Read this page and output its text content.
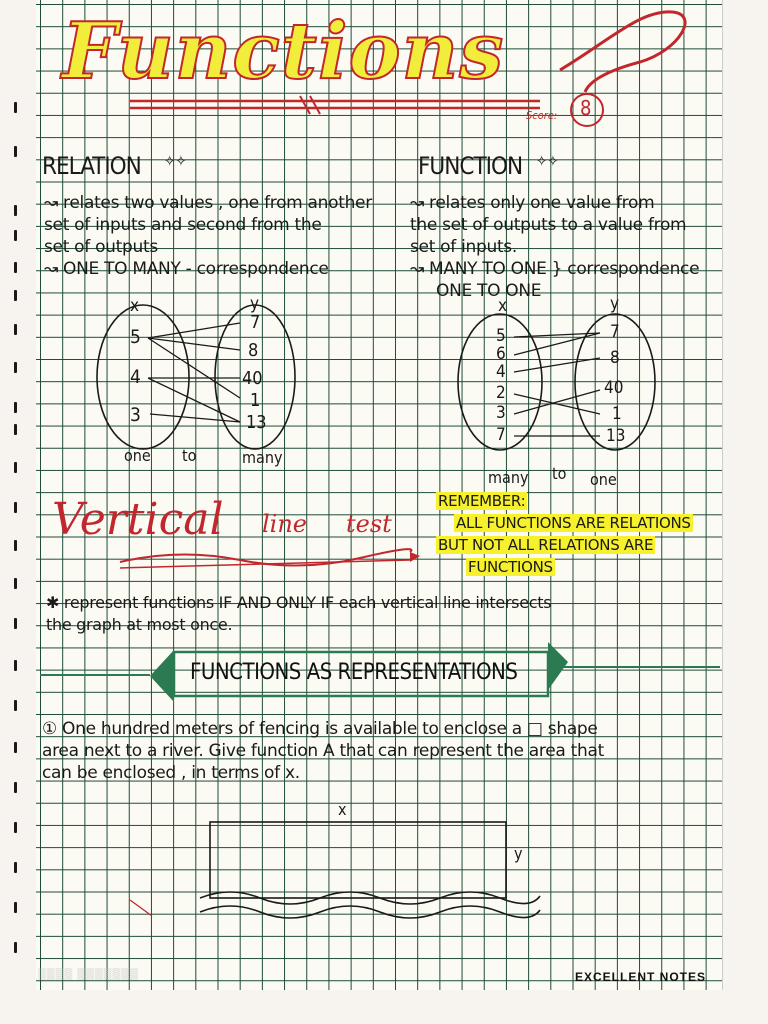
Functions
Score: 8
RELATION ✧✧
↝ relates two values , one from another
set of inputs and second from the
set of outputs
↝ ONE TO MANY - correspondence
FUNCTION ✧✧
↝ relates only one value from
the set of outputs to a value from
set of inputs.
↝ MANY TO ONE } correspondence
ONE TO ONE
x	y
5
4
3
7
8
40
1
13
one to	many
x	y
5
6
4
2
3
7
7
8
40
1
13
many to one
Vertical line test
REMEMBER:
ALL FUNCTIONS ARE RELATIONS
BUT NOT ALL RELATIONS ARE
FUNCTIONS
✱ represent functions IF AND ONLY IF each vertical line intersects
the graph at most once.
FUNCTIONS AS REPRESENTATIONS
① One hundred meters of fencing is available to enclose a □ shape
area next to a river. Give function A that can represent the area that
can be enclosed , in terms of x.
x
y
▒▒▒▒ ▒▒▒▒▒▒▒	EXCELLENT NOTES
